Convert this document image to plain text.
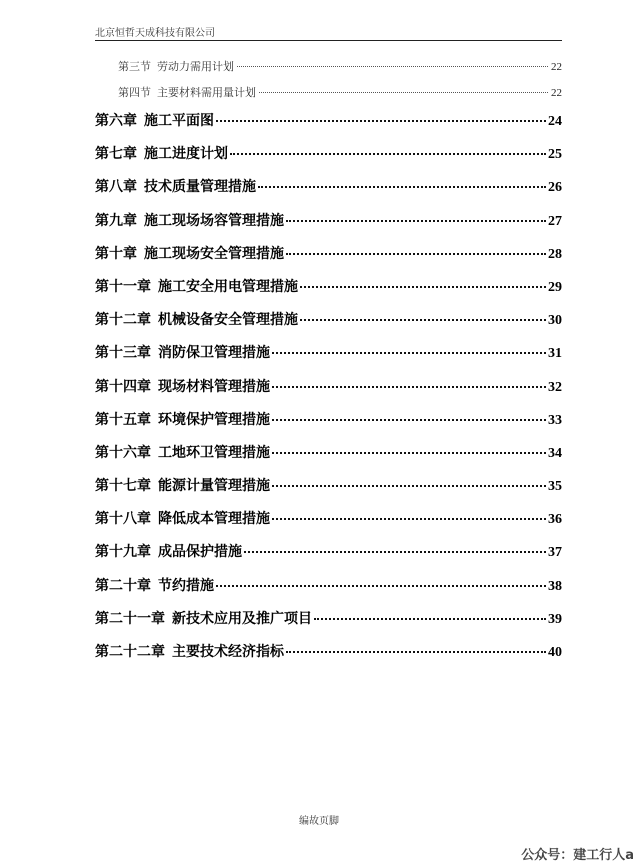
北京恒哲天成科技有限公司
第三节 劳动力需用计划	22
第四节 主要材料需用量计划	22
第六章 施工平面图	24
第七章 施工进度计划	25
第八章 技术质量管理措施	26
第九章 施工现场场容管理措施	27
第十章 施工现场安全管理措施	28
第十一章 施工安全用电管理措施	29
第十二章 机械设备安全管理措施	30
第十三章 消防保卫管理措施	31
第十四章 现场材料管理措施	32
第十五章 环境保护管理措施	33
第十六章 工地环卫管理措施	34
第十七章 能源计量管理措施	35
第十八章 降低成本管理措施	36
第十九章 成品保护措施	37
第二十章 节约措施	38
第二十一章 新技术应用及推广项目	39
第二十二章 主要技术经济指标	40
编故页脚
公众号：建工行人a
